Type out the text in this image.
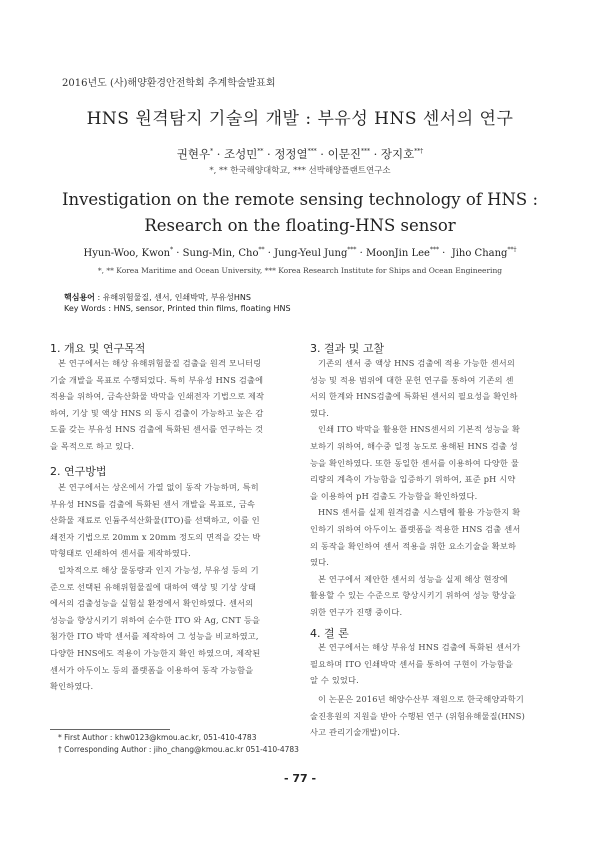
2016년도 (사)해양환경안전학회 추계학술발표회
HNS 원격탐지 기술의 개발 : 부유성 HNS 센서의 연구
권현우* · 조성민** · 정정열*** · 이문진*** · 장지호**†
*, ** 한국해양대학교, *** 선박해양플랜트연구소
Investigation on the remote sensing technology of HNS : Research on the floating-HNS sensor
Hyun-Woo, Kwon* · Sung-Min, Cho** · Jung-Yeul Jung*** · MoonJin Lee*** ·  Jiho Chang**†
*, ** Korea Maritime and Ocean University, *** Korea Research Institute for Ships and Ocean Engineering
핵심용어 : 유해위험물질, 센서, 인쇄박막, 부유성HNS
Key Words : HNS, sensor, Printed thin films, floating HNS
1. 개요 및 연구목적
본 연구에서는 해상 유해위험물질 검출을 원격 모니터링
기술 개발을 목표로 수행되었다. 특히 부유성 HNS 검출에
적용을 위하여, 금속산화물 박막을 인쇄전자 기법으로 제작
하여, 기상 및 액상 HNS 의 동시 검출이 가능하고 높은 감
도를 갖는 부유성 HNS 검출에 특화된 센서를 연구하는 것
을 목적으로 하고 있다.
2. 연구방법
본 연구에서는 상온에서 가열 없이 동작 가능하며, 특히
부유성 HNS를 검출에 특화된 센서 개발을 목표로, 금속
산화물 재료로 인듐주석산화물(ITO)를 선택하고, 이를 인
쇄전자 기법으로 20mm x 20mm 정도의 면적을 갖는 박
막형태로 인쇄하여 센서를 제작하였다.
일차적으로 해상 물동량과 인지 가능성, 부유성 등의 기
준으로 선택된 유해위험물질에 대하여 액상 및 기상 상태
에서의 검출성능을 실험실 환경에서 확인하였다. 센서의
성능을 향상시키기 위하여 순수한 ITO 와 Ag, CNT 등을
첨가한 ITO 박막 센서를 제작하여 그 성능을 비교하였고,
다양한 HNS에도 적용이 가능한지 확인 하였으며, 제작된
센서가 아두이노 등의 플랫폼을 이용하여 동작 가능함을
확인하였다.
3. 결과 및 고찰
기존의 센서 중 액상 HNS 검출에 적용 가능한 센서의
성능 및 적용 범위에 대한 문헌 연구를 통하여 기존의 센
서의 한계와 HNS검출에 특화된 센서의 필요성을 확인하
였다.
인쇄 ITO 박막을 활용한 HNS센서의 기본적 성능을 확
보하기 위하여, 해수중 일정 농도로 용해된 HNS 검출 성
능을 확인하였다. 또한 동일한 센서를 이용하여 다양한 물
리량의 계측이 가능함을 입증하기 위하여, 표준 pH 시약
을 이용하여 pH 검출도 가능함을 확인하였다.
HNS 센서를 실제 원격검출 시스템에 활용 가능한지 확
인하기 위하여 아두이노 플랫폼을 적용한 HNS 검출 센서
의 동작을 확인하여 센서 적용을 위한 요소기술을 확보하
였다.
본 연구에서 제안한 센서의 성능을 실제 해상 현장에
활용할 수 있는 수준으로 향상시키기 위하여 성능 향상을
위한 연구가 진행 중이다.
4. 결 론
본 연구에서는 해상 부유성 HNS 검출에 특화된 센서가
필요하며 ITO 인쇄박막 센서를 통하여 구현이 가능함을
알 수 있었다.
이 논문은 2016년 해양수산부 재원으로 한국해양과학기
술진흥원의 지원을 받아 수행된 연구 (위험유해물질(HNS)
사고 관리기술개발)이다.
* First Author : khw0123@kmou.ac.kr, 051-410-4783
† Corresponding Author : jiho_chang@kmou.ac.kr 051-410-4783
- 77 -
